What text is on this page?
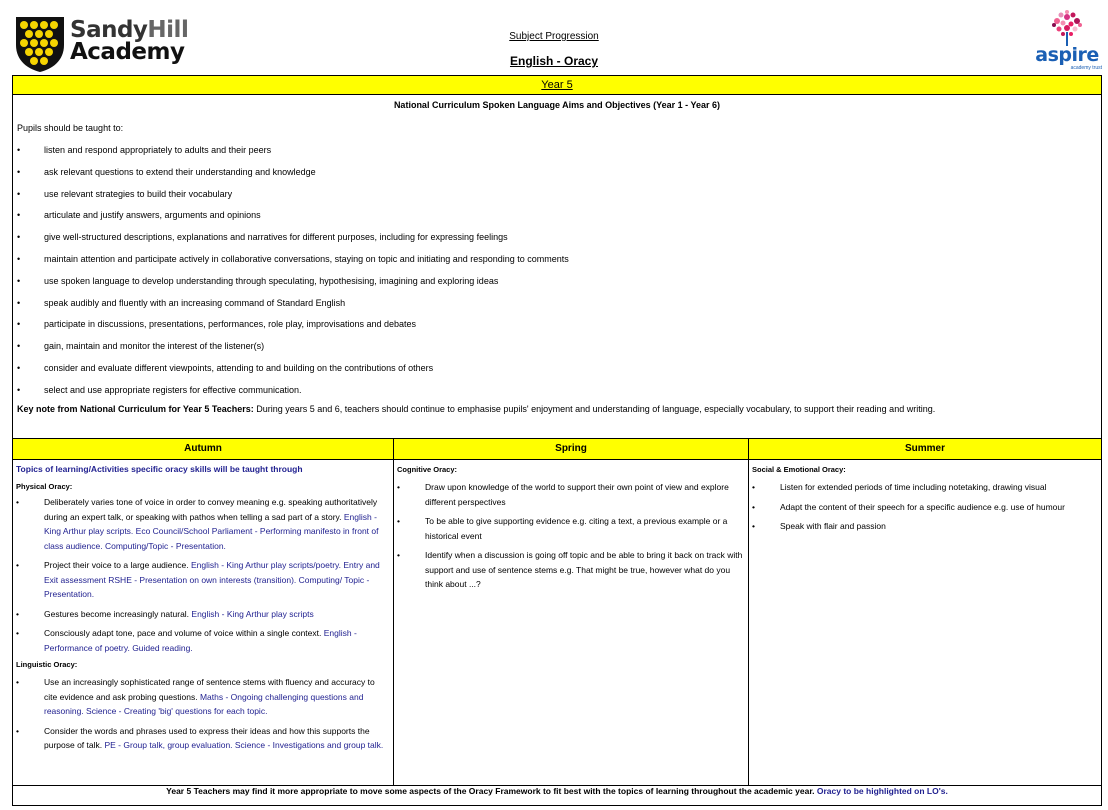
SandyHill
Academy
Subject Progression
English - Oracy	aspire
academy trust
Year 5
National Curriculum Spoken Language Aims and Objectives (Year 1 - Year 6)
Pupils should be taught to:
• listen and respond appropriately to adults and their peers
• ask relevant questions to extend their understanding and knowledge
• use relevant strategies to build their vocabulary
• articulate and justify answers, arguments and opinions
• give well-structured descriptions, explanations and narratives for different purposes, including for expressing feelings
• maintain attention and participate actively in collaborative conversations, staying on topic and initiating and responding to comments
• use spoken language to develop understanding through speculating, hypothesising, imagining and exploring ideas
• speak audibly and fluently with an increasing command of Standard English
• participate in discussions, presentations, performances, role play, improvisations and debates
• gain, maintain and monitor the interest of the listener(s)
• consider and evaluate different viewpoints, attending to and building on the contributions of others
• select and use appropriate registers for effective communication.
Key note from National Curriculum for Year 5 Teachers: During years 5 and 6, teachers should continue to emphasise pupils' enjoyment and understanding of language, especially vocabulary, to support their reading and writing.
Autumn
Topics of learning/Activities specific oracy skills will be taught through

Physical Oracy:

• Deliberately varies tone of voice in order to convey meaning e.g. speaking authoritatively during an expert talk, or speaking with pathos when telling a sad part of a story. English - King Arthur play scripts. Eco Council/School Parliament - Performing manifesto in front of class audience. Computing/Topic - Presentation.
• Project their voice to a large audience. English - King Arthur play scripts/poetry. Entry and Exit assessment RSHE - Presentation on own interests (transition). Computing/ Topic - Presentation.
• Gestures become increasingly natural. English - King Arthur play scripts
• Consciously adapt tone, pace and volume of voice within a single context. English - Performance of poetry. Guided reading.

Linguistic Oracy:

• Use an increasingly sophisticated range of sentence stems with fluency and accuracy to cite evidence and ask probing questions. Maths - Ongoing challenging questions and reasoning. Science - Creating 'big' questions for each topic.
• Consider the words and phrases used to express their ideas and how this supports the purpose of talk. PE - Group talk, group evaluation. Science - Investigations and group talk.
Spring

Cognitive Oracy:

• Draw upon knowledge of the world to support their own point of view and explore different perspectives
• To be able to give supporting evidence e.g. citing a text, a previous example or a historical event
• Identify when a discussion is going off topic and be able to bring it back on track with support and use of sentence stems e.g. That might be true, however what do you think about ...?
Summer

Social & Emotional Oracy:

• Listen for extended periods of time including notetaking, drawing visual
• Adapt the content of their speech for a specific audience e.g. use of humour
• Speak with flair and passion
Year 5 Teachers may find it more appropriate to move some aspects of the Oracy Framework to fit best with the topics of learning throughout the academic year. Oracy to be highlighted on LO's.
